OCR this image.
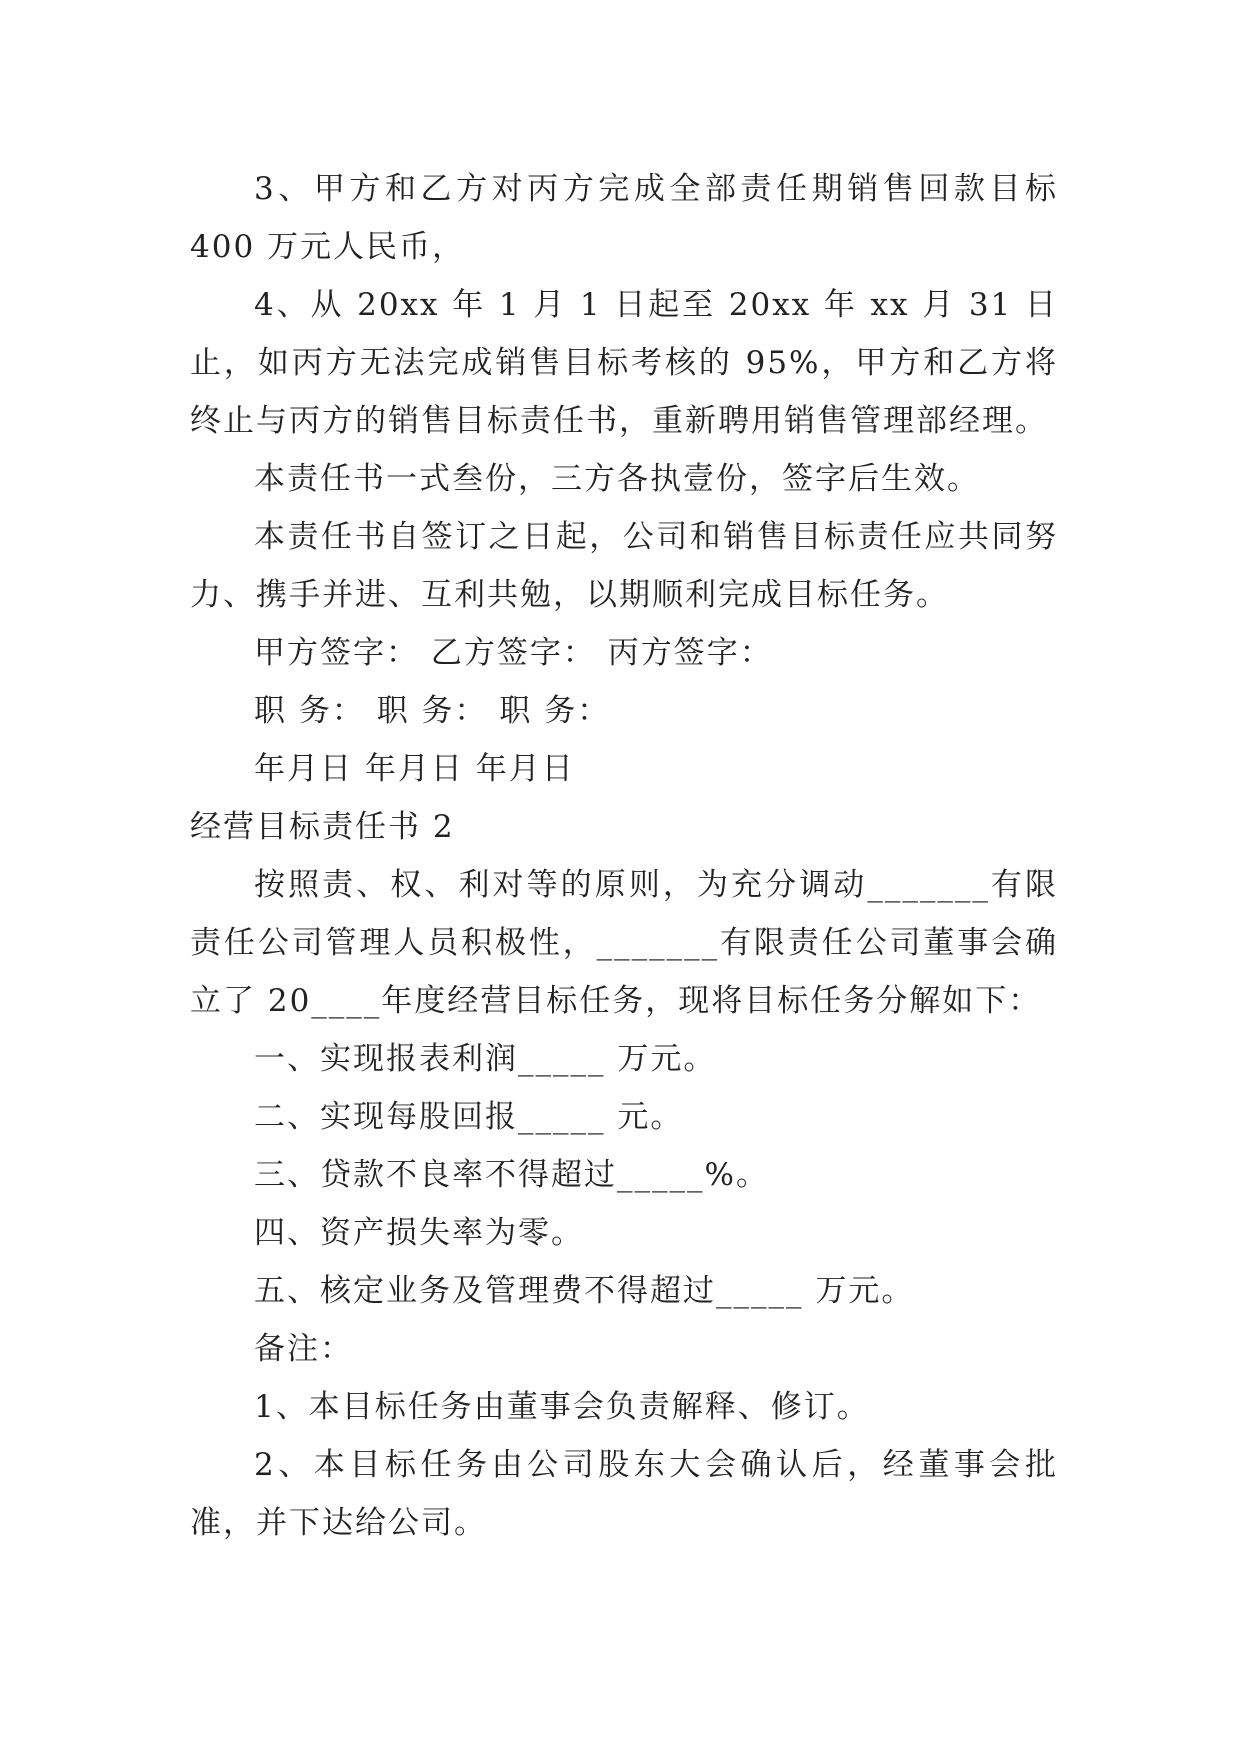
3、甲方和乙方对丙方完成全部责任期销售回款目标 400 万元人民币，

4、从 20xx 年 1 月 1 日起至 20xx 年 xx 月 31 日止，如丙方无法完成销售目标考核的 95%，甲方和乙方将终止与丙方的销售目标责任书，重新聘用销售管理部经理。

本责任书一式叁份，三方各执壹份，签字后生效。

本责任书自签订之日起，公司和销售目标责任应共同努力、携手并进、互利共勉，以期顺利完成目标任务。

甲方签字： 乙方签字： 丙方签字：

职 务： 职 务： 职 务：

年月日 年月日 年月日

经营目标责任书 2

按照责、权、利对等的原则，为充分调动_______有限责任公司管理人员积极性，_______有限责任公司董事会确立了 20____年度经营目标任务，现将目标任务分解如下：

一、实现报表利润_____ 万元。

二、实现每股回报_____ 元。

三、贷款不良率不得超过_____%。

四、资产损失率为零。

五、核定业务及管理费不得超过_____ 万元。

备注：

1、本目标任务由董事会负责解释、修订。

2、本目标任务由公司股东大会确认后，经董事会批准，并下达给公司。
